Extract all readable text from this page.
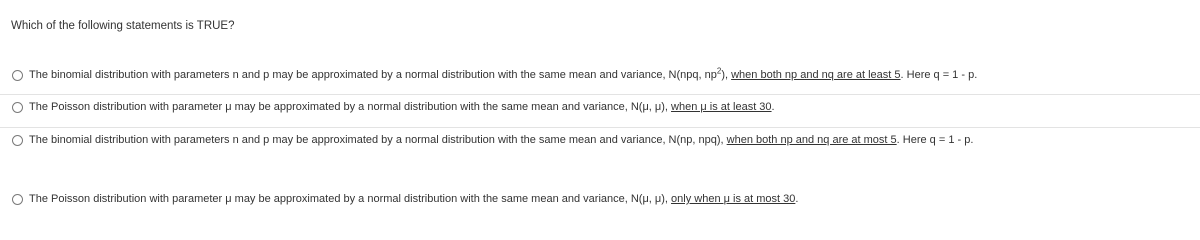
Which of the following statements is TRUE?
The binomial distribution with parameters n and p may be approximated by a normal distribution with the same mean and variance, N(npq, $np^2$), when both np and nq are at least 5. Here q = 1 - p.
The Poisson distribution with parameter μ may be approximated by a normal distribution with the same mean and variance, N(μ, μ), when μ is at least 30.
The binomial distribution with parameters n and p may be approximated by a normal distribution with the same mean and variance, N(np, npq), when both np and nq are at most 5. Here q = 1 - p.
The Poisson distribution with parameter μ may be approximated by a normal distribution with the same mean and variance, N(μ, μ), only when μ is at most 30.
